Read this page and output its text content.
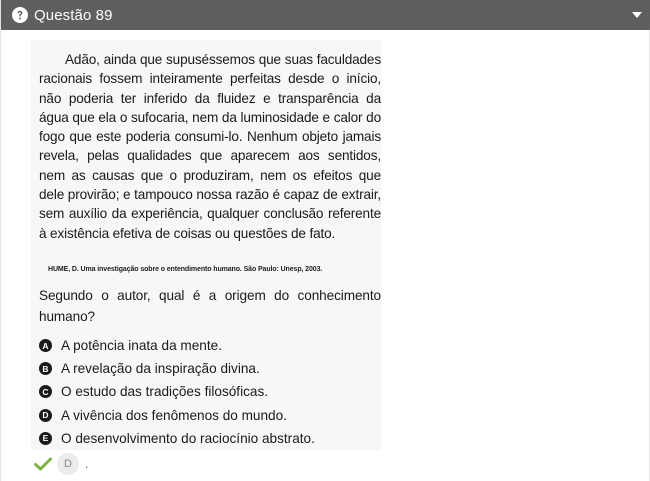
Questão 89

Adão, ainda que supuséssemos que suas faculdades racionais fossem inteiramente perfeitas desde o início, não poderia ter inferido da fluidez e transparência da água que ela o sufocaria, nem da luminosidade e calor do fogo que este poderia consumi-lo. Nenhum objeto jamais revela, pelas qualidades que aparecem aos sentidos, nem as causas que o produziram, nem os efeitos que dele provirão; e tampouco nossa razão é capaz de extrair, sem auxílio da experiência, qualquer conclusão referente à existência efetiva de coisas ou questões de fato.

HUME, D. Uma investigação sobre o entendimento humano. São Paulo: Unesp, 2003.

Segundo o autor, qual é a origem do conhecimento humano?

A A potência inata da mente.
B A revelação da inspiração divina.
C O estudo das tradições filosóficas.
D A vivência dos fenômenos do mundo.
E O desenvolvimento do raciocínio abstrato.
D	.
